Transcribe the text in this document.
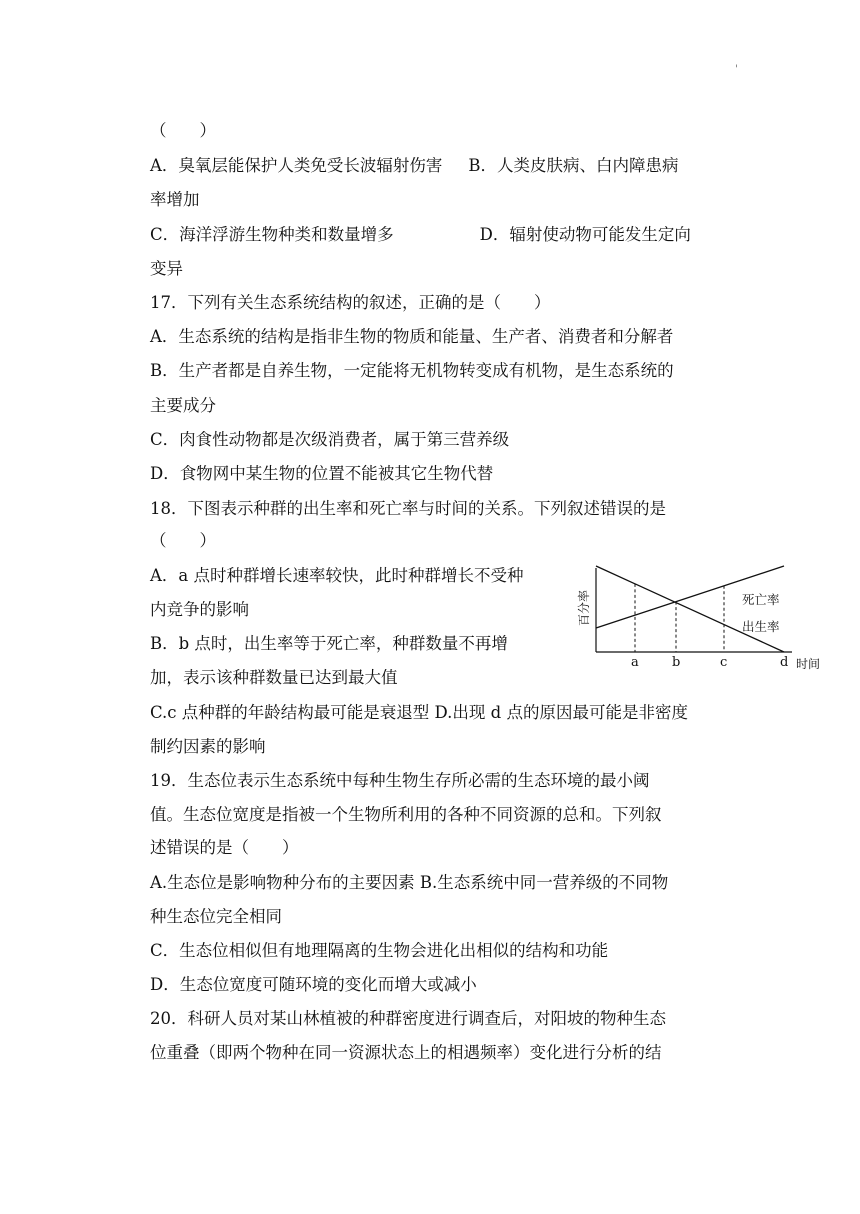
'
（　　）
A．臭氧层能保护人类免受长波辐射伤害 B．人类皮肤病、白内障患病
率增加
C．海洋浮游生物种类和数量增多	D．辐射使动物可能发生定向
变异
17．下列有关生态系统结构的叙述，正确的是（　　）
A．生态系统的结构是指非生物的物质和能量、生产者、消费者和分解者
B．生产者都是自养生物，一定能将无机物转变成有机物，是生态系统的
主要成分
C．肉食性动物都是次级消费者，属于第三营养级
D．食物网中某生物的位置不能被其它生物代替
18．下图表示种群的出生率和死亡率与时间的关系。下列叙述错误的是
（　　）
A．a 点时种群增长速率较快，此时种群增长不受种
内竞争的影响
B．b 点时，出生率等于死亡率，种群数量不再增
加，表示该种群数量已达到最大值
C.c 点种群的年龄结构最可能是衰退型 D.出现 d 点的原因最可能是非密度
制约因素的影响
19．生态位表示生态系统中每种生物生存所必需的生态环境的最小阈
值。生态位宽度是指被一个生物所利用的各种不同资源的总和。下列叙
述错误的是（　　）
A.生态位是影响物种分布的主要因素 B.生态系统中同一营养级的不同物
种生态位完全相同
C．生态位相似但有地理隔离的生物会进化出相似的结构和功能
D．生态位宽度可随环境的变化而增大或减小
20．科研人员对某山林植被的种群密度进行调查后，对阳坡的物种生态
位重叠（即两个物种在同一资源状态上的相遇频率）变化进行分析的结
百分率
时间
a	b	c	d
死亡率
出生率
